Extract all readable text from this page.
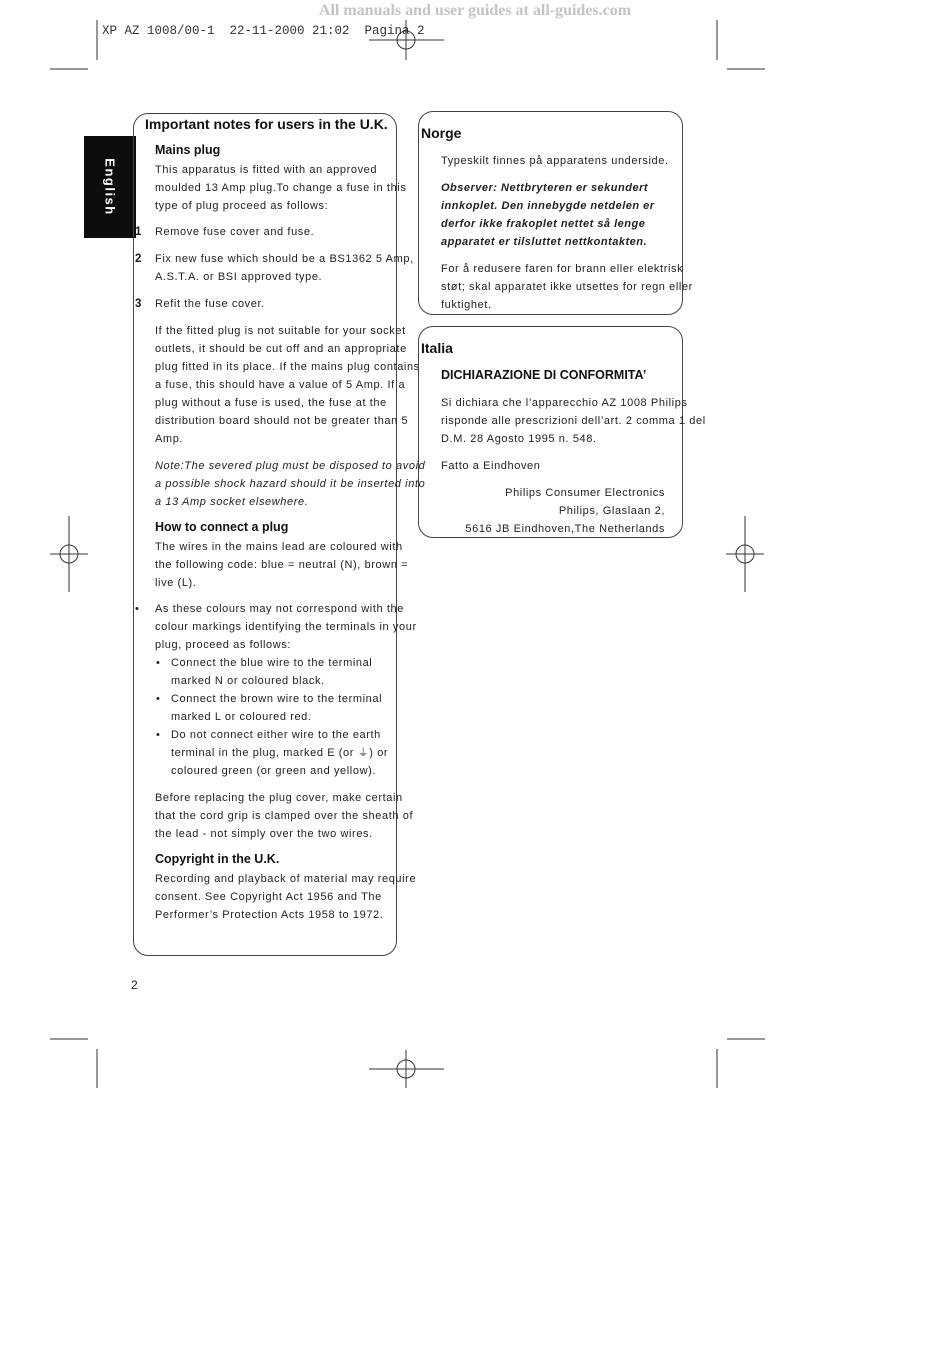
All manuals and user guides at all-guides.com
XP AZ 1008/00-1  22-11-2000 21:02  Pagina 2
English
Important notes for users in the U.K.
Mains plug
This apparatus is fitted with an approved
moulded 13 Amp plug.To change a fuse in this
type of plug proceed as follows:
1 Remove fuse cover and fuse.
2 Fix new fuse which should be a BS1362 5 Amp,
A.S.T.A. or BSI approved type.
3 Refit the fuse cover.
If the fitted plug is not suitable for your socket
outlets, it should be cut off and an appropriate
plug fitted in its place. If the mains plug contains
a fuse, this should have a value of 5 Amp. If a
plug without a fuse is used, the fuse at the
distribution board should not be greater than 5
Amp.
Note:The severed plug must be disposed to avoid
a possible shock hazard should it be inserted into
a 13 Amp socket elsewhere.
How to connect a plug
The wires in the mains lead are coloured with
the following code: blue = neutral (N), brown =
live (L).
• As these colours may not correspond with the
colour markings identifying the terminals in your
plug, proceed as follows:
• Connect the blue wire to the terminal
marked N or coloured black.
• Connect the brown wire to the terminal
marked L or coloured red.
• Do not connect either wire to the earth
terminal in the plug, marked E (or ⏚) or
coloured green (or green and yellow).
Before replacing the plug cover, make certain
that the cord grip is clamped over the sheath of
the lead - not simply over the two wires.
Copyright in the U.K.
Recording and playback of material may require
consent. See Copyright Act 1956 and The
Performer’s Protection Acts 1958 to 1972.
Norge
Typeskilt finnes på apparatens underside.
Observer: Nettbryteren er sekundert
innkoplet. Den innebygde netdelen er
derfor ikke frakoplet nettet så lenge
apparatet er tilsluttet nettkontakten.
For å redusere faren for brann eller elektrisk
støt; skal apparatet ikke utsettes for regn eller
fuktighet.
Italia
DICHIARAZIONE DI CONFORMITA’
Si dichiara che l’apparecchio AZ 1008 Philips
risponde alle prescrizioni dell’art. 2 comma 1 del
D.M. 28 Agosto 1995 n. 548.
Fatto a Eindhoven
Philips Consumer Electronics
Philips, Glaslaan 2,
5616 JB Eindhoven,The Netherlands
2
